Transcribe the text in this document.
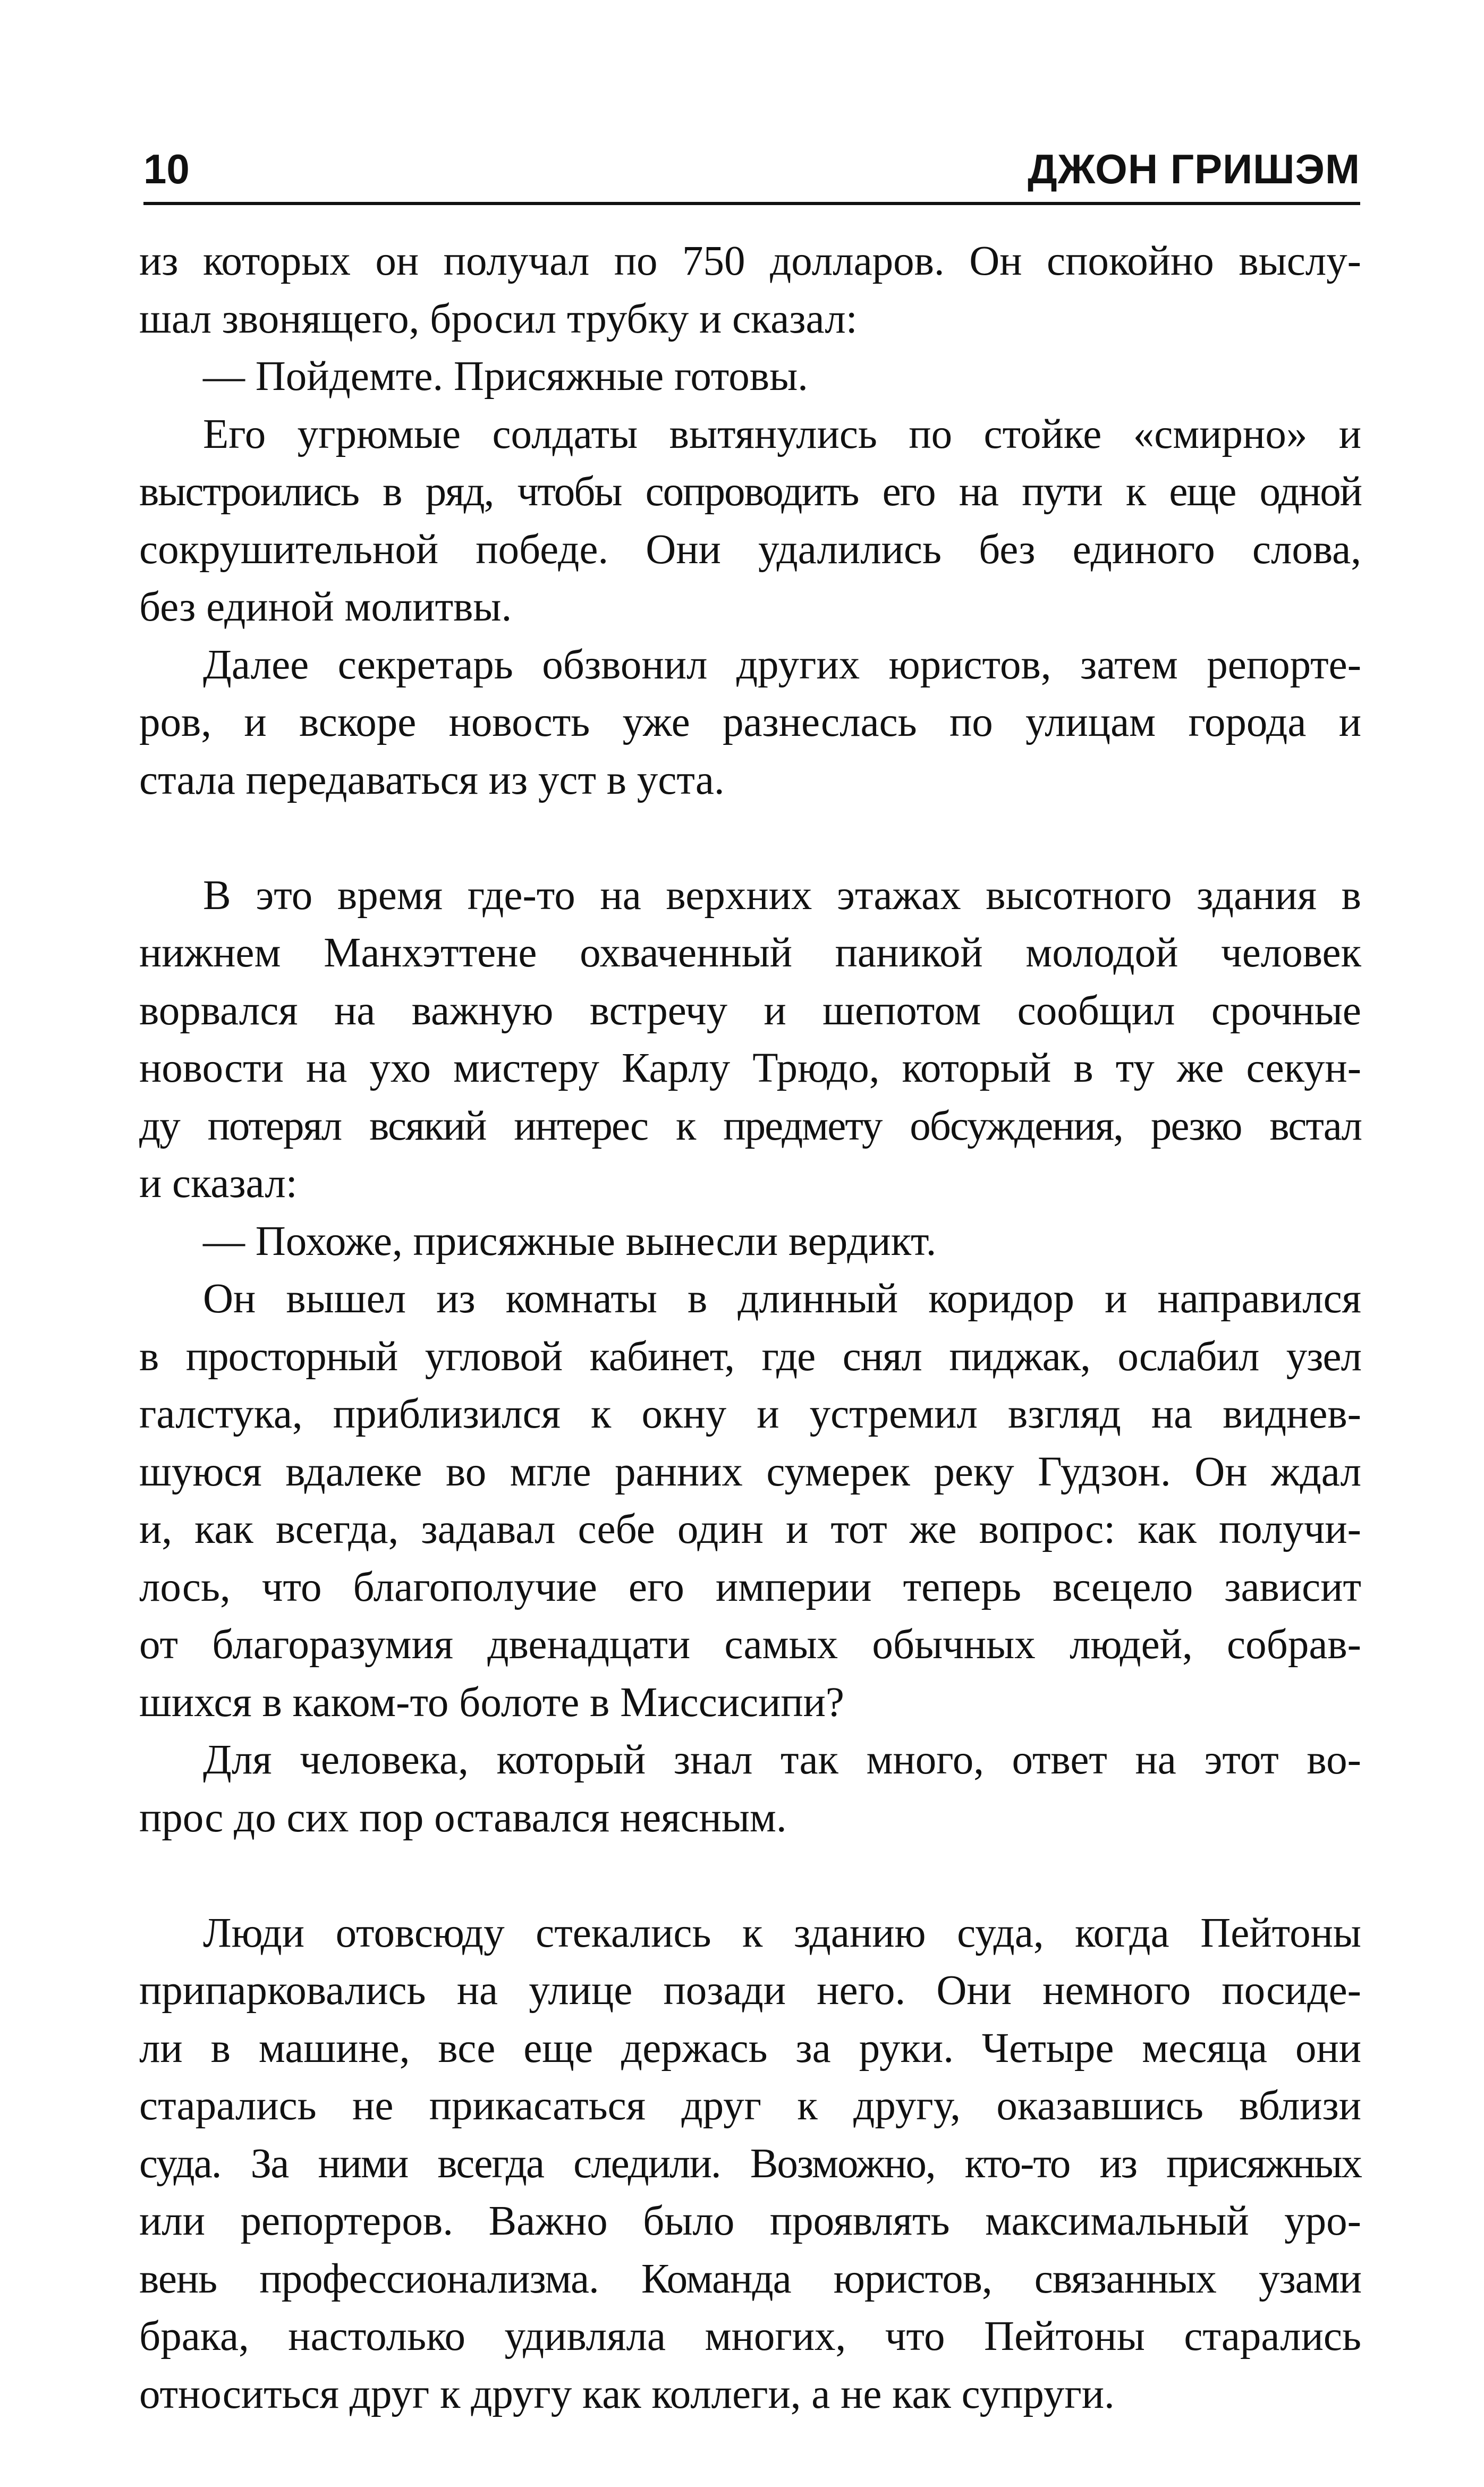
10	ДЖОН ГРИШЭМ
из которых он получал по 750 долларов. Он спокойно выслу-
шал звонящего, бросил трубку и сказал:
— Пойдемте. Присяжные готовы.
Его угрюмые солдаты вытянулись по стойке «смирно» и
выстроились в ряд, чтобы сопроводить его на пути к еще одной
сокрушительной победе. Они удалились без единого слова,
без единой молитвы.
Далее секретарь обзвонил других юристов, затем репорте-
ров, и вскоре новость уже разнеслась по улицам города и
стала передаваться из уст в уста.
В это время где-то на верхних этажах высотного здания в
нижнем Манхэттене охваченный паникой молодой человек
ворвался на важную встречу и шепотом сообщил срочные
новости на ухо мистеру Карлу Трюдо, который в ту же секун-
ду потерял всякий интерес к предмету обсуждения, резко встал
и сказал:
— Похоже, присяжные вынесли вердикт.
Он вышел из комнаты в длинный коридор и направился
в просторный угловой кабинет, где снял пиджак, ослабил узел
галстука, приблизился к окну и устремил взгляд на виднев-
шуюся вдалеке во мгле ранних сумерек реку Гудзон. Он ждал
и, как всегда, задавал себе один и тот же вопрос: как получи-
лось, что благополучие его империи теперь всецело зависит
от благоразумия двенадцати самых обычных людей, собрав-
шихся в каком-то болоте в Миссисипи?
Для человека, который знал так много, ответ на этот во-
прос до сих пор оставался неясным.
Люди отовсюду стекались к зданию суда, когда Пейтоны
припарковались на улице позади него. Они немного посиде-
ли в машине, все еще держась за руки. Четыре месяца они
старались не прикасаться друг к другу, оказавшись вблизи
суда. За ними всегда следили. Возможно, кто-то из присяжных
или репортеров. Важно было проявлять максимальный уро-
вень профессионализма. Команда юристов, связанных узами
брака, настолько удивляла многих, что Пейтоны старались
относиться друг к другу как коллеги, а не как супруги.
